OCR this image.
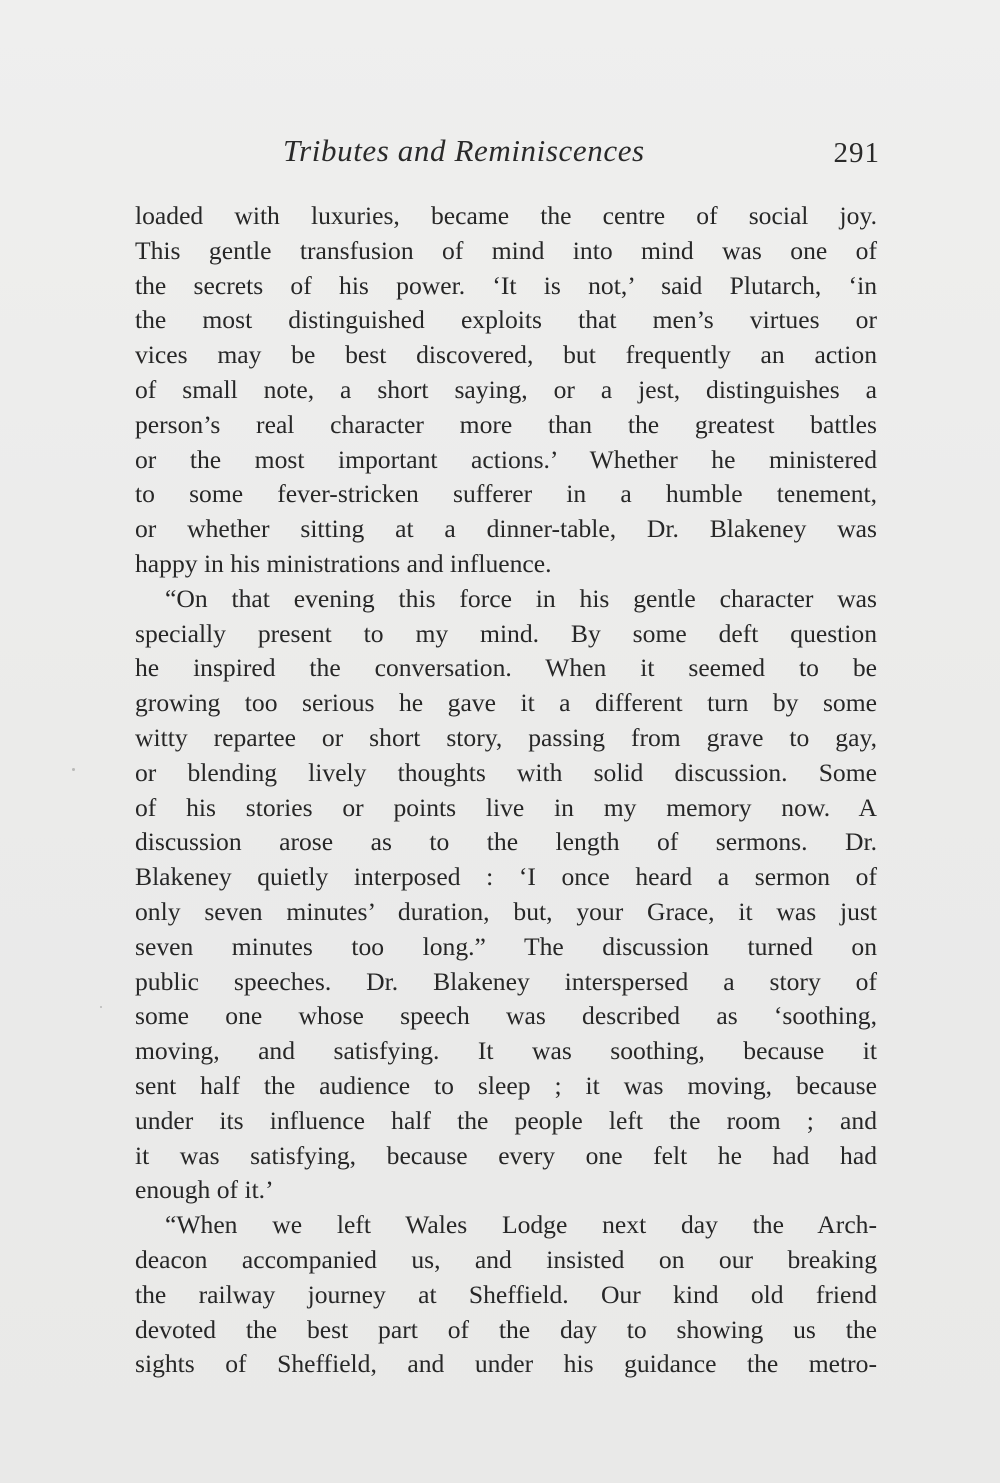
Tributes and Reminiscences	291
loaded with luxuries, became the centre of social joy.
This gentle transfusion of mind into mind was one of
the secrets of his power. ‘It is not,’ said Plutarch, ‘in
the most distinguished exploits that men’s virtues or
vices may be best discovered, but frequently an action
of small note, a short saying, or a jest, distinguishes a
person’s real character more than the greatest battles
or the most important actions.’ Whether he ministered
to some fever-stricken sufferer in a humble tenement,
or whether sitting at a dinner-table, Dr. Blakeney was
happy in his ministrations and influence.
“On that evening this force in his gentle character was
specially present to my mind. By some deft question
he inspired the conversation. When it seemed to be
growing too serious he gave it a different turn by some
witty repartee or short story, passing from grave to gay,
or blending lively thoughts with solid discussion. Some
of his stories or points live in my memory now. A
discussion arose as to the length of sermons. Dr.
Blakeney quietly interposed : ‘I once heard a sermon of
only seven minutes’ duration, but, your Grace, it was just
seven minutes too long.” The discussion turned on
public speeches. Dr. Blakeney interspersed a story of
some one whose speech was described as ‘soothing,
moving, and satisfying. It was soothing, because it
sent half the audience to sleep ; it was moving, because
under its influence half the people left the room ; and
it was satisfying, because every one felt he had had
enough of it.’
“When we left Wales Lodge next day the Arch-
deacon accompanied us, and insisted on our breaking
the railway journey at Sheffield. Our kind old friend
devoted the best part of the day to showing us the
sights of Sheffield, and under his guidance the metro-
